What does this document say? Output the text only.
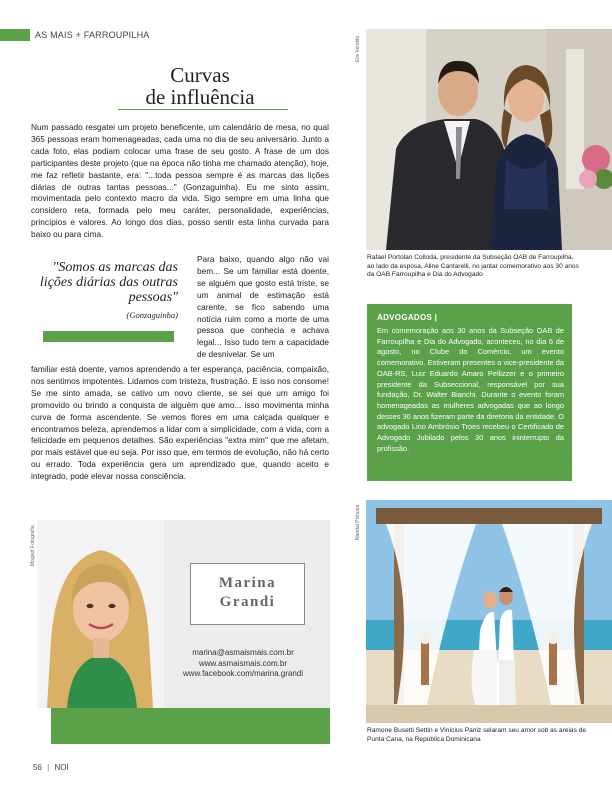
AS MAIS + FARROUPILHA
Curvas
de influência
Num passado resgatei um projeto beneficente, um calendário de mesa, no qual 365 pessoas eram homenageadas, cada uma no dia de seu aniversário. Junto a cada foto, elas podiam colocar uma frase de seu gosto. A frase de um dos participantes deste projeto (que na época não tinha me chamado atenção), hoje, me faz refletir bastante, era: "...toda pessoa sempre é as marcas das lições diárias de outras tantas pessoas..." (Gonzaguinha). Eu me sinto assim, movimentada pelo contexto macro da vida. Sigo sempre em uma linha que considero reta, formada pelo meu caráter, personalidade, experiências, princípios e valores. Ao longo dos dias, posso sentir esta linha curvada para baixo ou para cima.
Para baixo, quando algo não vai bem... Se um familiar está doente, se alguém que gosto está triste, se um animal de estimação está carente, se fico sabendo uma notícia ruim como a morte de uma pessoa que conhecia e achava legal... Isso tudo tem a capacidade de desnivelar. Se um
familiar está doente, vamos aprendendo a ter esperança, paciência, compaixão, nos sentimos impotentes. Lidamos com tristeza, frustração. E isso nos consome! Se me sinto amada, se cativo um novo cliente, se sei que um amigo foi promovido ou brindo a conquista de alguém que amo... isso movimenta minha curva de forma ascendente. Se vemos flores em uma calçada qualquer e encontramos beleza, aprendemos a lidar com a simplicidade, com a vida, com a felicidade em pequenos detalhes. São experiências "extra mim" que me afetam, por mais estável que eu seja. Por isso que, em termos de evolução, não há certo ou errado. Toda experiência gera um aprendizado que, quando aceito e integrado, pode elevar nossa consciência.
"Somos as marcas das lições diárias das outras pessoas"
(Gonzaguinha)
Elis Vendito
Rafael Portolan Colloda, presidente da Subseção OAB de Farroupilha, ao lado da esposa, Aline Cantarelli, no jantar comemorativo aos 30 anos da OAB Farroupilha e Dia do Advogado
ADVOGADOS |
Em comemoração aos 30 anos da Subseção OAB de Farroupilha e Dia do Advogado, aconteceu, no dia 6 de agosto, no Clube do Comércio, um evento comemorativo. Estiveram presentes o vice-presidente da OAB-RS, Luiz Eduardo Amaro Pellizzer e o primeiro presidente da Subseccional, responsável por sua fundação, Dr. Walter Bianchi. Durante o evento foram homenageadas as mulheres advogadas que ao longo desses 30 anos fizeram parte da diretoria da entidade. O advogado Lino Ambrósio Troes recebeu o Certificado de Advogado Jubilado pelos 30 anos ininterrupto da profissão.
Mogiart Fotografia
Marina
Grandi
marina@asmaismais.com.br
www.asmaismais.com.br
www.facebook.com/marina.grandi
Nandal Pictures
Ramone Busetti Settin e Vinícius Paniz selaram seu amor sob as areias de Punta Cana, na República Dominicana
56 | NOI
